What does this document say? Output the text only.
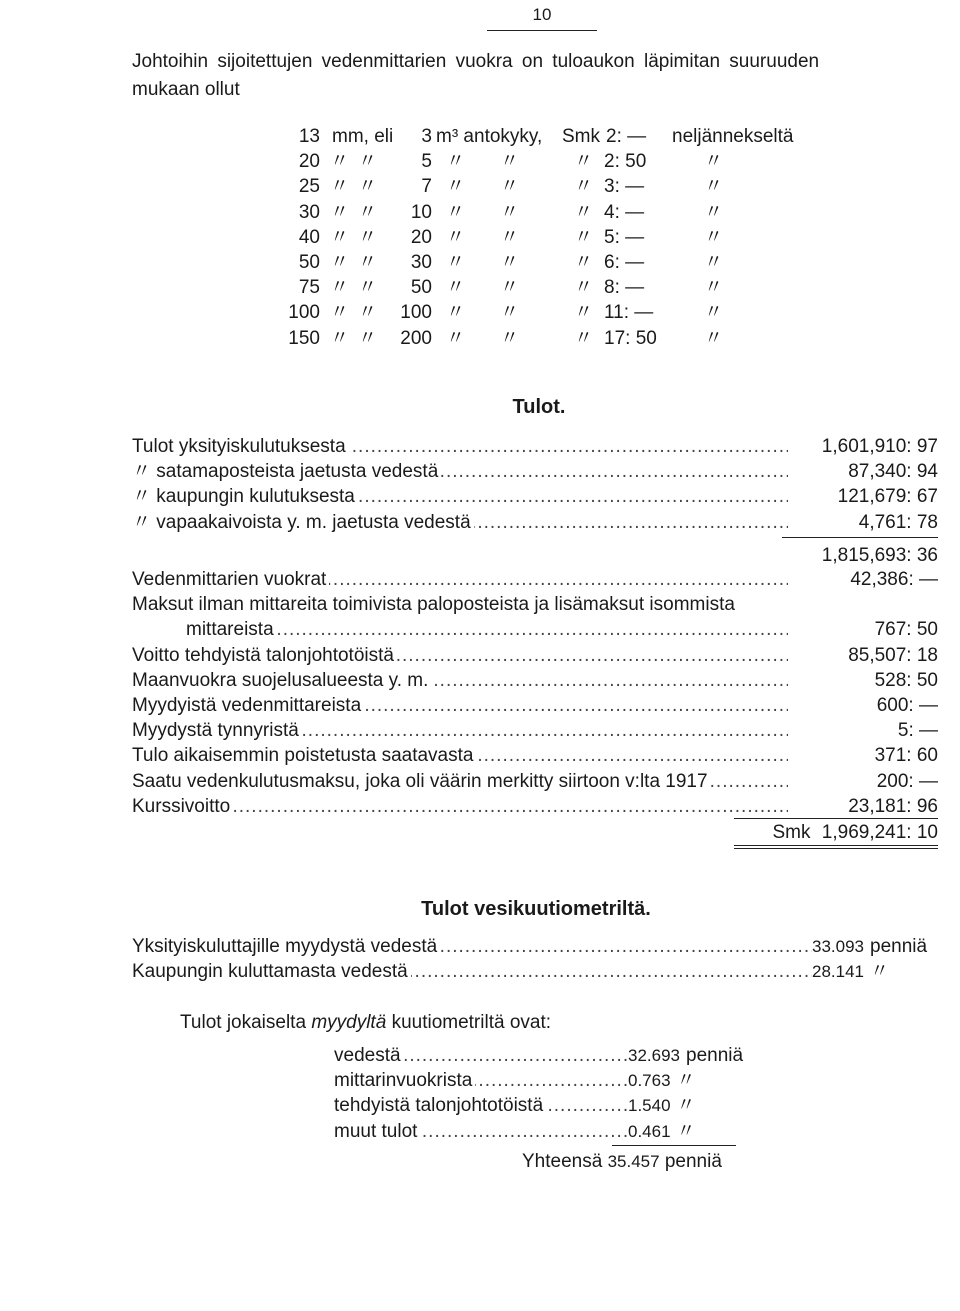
10
Johtoihin sijoitettujen vedenmittarien vuokra on tuloaukon läpimitan suuruuden
mukaan ollut
13 mm, eli	3 m³ antokyky, Smk 2: —	neljännekseltä
20 〃 〃	5 〃 〃	〃 2: 50	〃
25 〃 〃	7 〃 〃	〃 3: —	〃
30 〃 〃	10 〃 〃	〃 4: —	〃
40 〃 〃	20 〃 〃	〃 5: —	〃
50 〃 〃	30 〃 〃	〃 6: —	〃
75 〃 〃	50 〃 〃	〃 8: —	〃
100 〃 〃	100 〃 〃	〃 11: —	〃
150 〃 〃	200 〃 〃	〃 17: 50	〃
Tulot.
.....
Tulot yksityiskulutuksesta	1,601,910: 97
.....
〃 satamaposteista jaetusta vedestä	87,340: 94
.....
〃 kaupungin kulutuksesta	121,679: 67
.....
〃 vapaakaivoista y. m. jaetusta vedestä	4,761: 78
1,815,693: 36
.....
Vedenmittarien vuokrat	42,386: —
Maksut ilman mittareita toimivista paloposteista ja lisämaksut isommista
.....
mittareista	767: 50
.....
Voitto tehdyistä talonjohtotöistä	85,507: 18
.....
Maanvuokra suojelusalueesta y. m.	528: 50
.....
Myydyistä vedenmittareista	600: —
.....
Myydystä tynnyristä	5: —
.....
Tulo aikaisemmin poistetusta saatavasta	371: 60
.....
Saatu vedenkulutusmaksu, joka oli väärin merkitty siirtoon v:lta 1917	200: —
.....
Kurssivoitto	23,181: 96
Smk 1,969,241: 10
Tulot vesikuutiometriltä.
.....
Yksityiskuluttajille myydystä vedestä	33.093 penniä
.....
Kaupungin kuluttamasta vedestä	28.141 〃
Tulot jokaiselta myydyltä kuutiometriltä ovat:
.....
vedestä	32.693 penniä
.....
mittarinvuokrista	0.763 〃
.....
tehdyistä talonjohtotöistä	1.540 〃
.....
muut tulot	0.461 〃
Yhteensä 35.457 penniä
